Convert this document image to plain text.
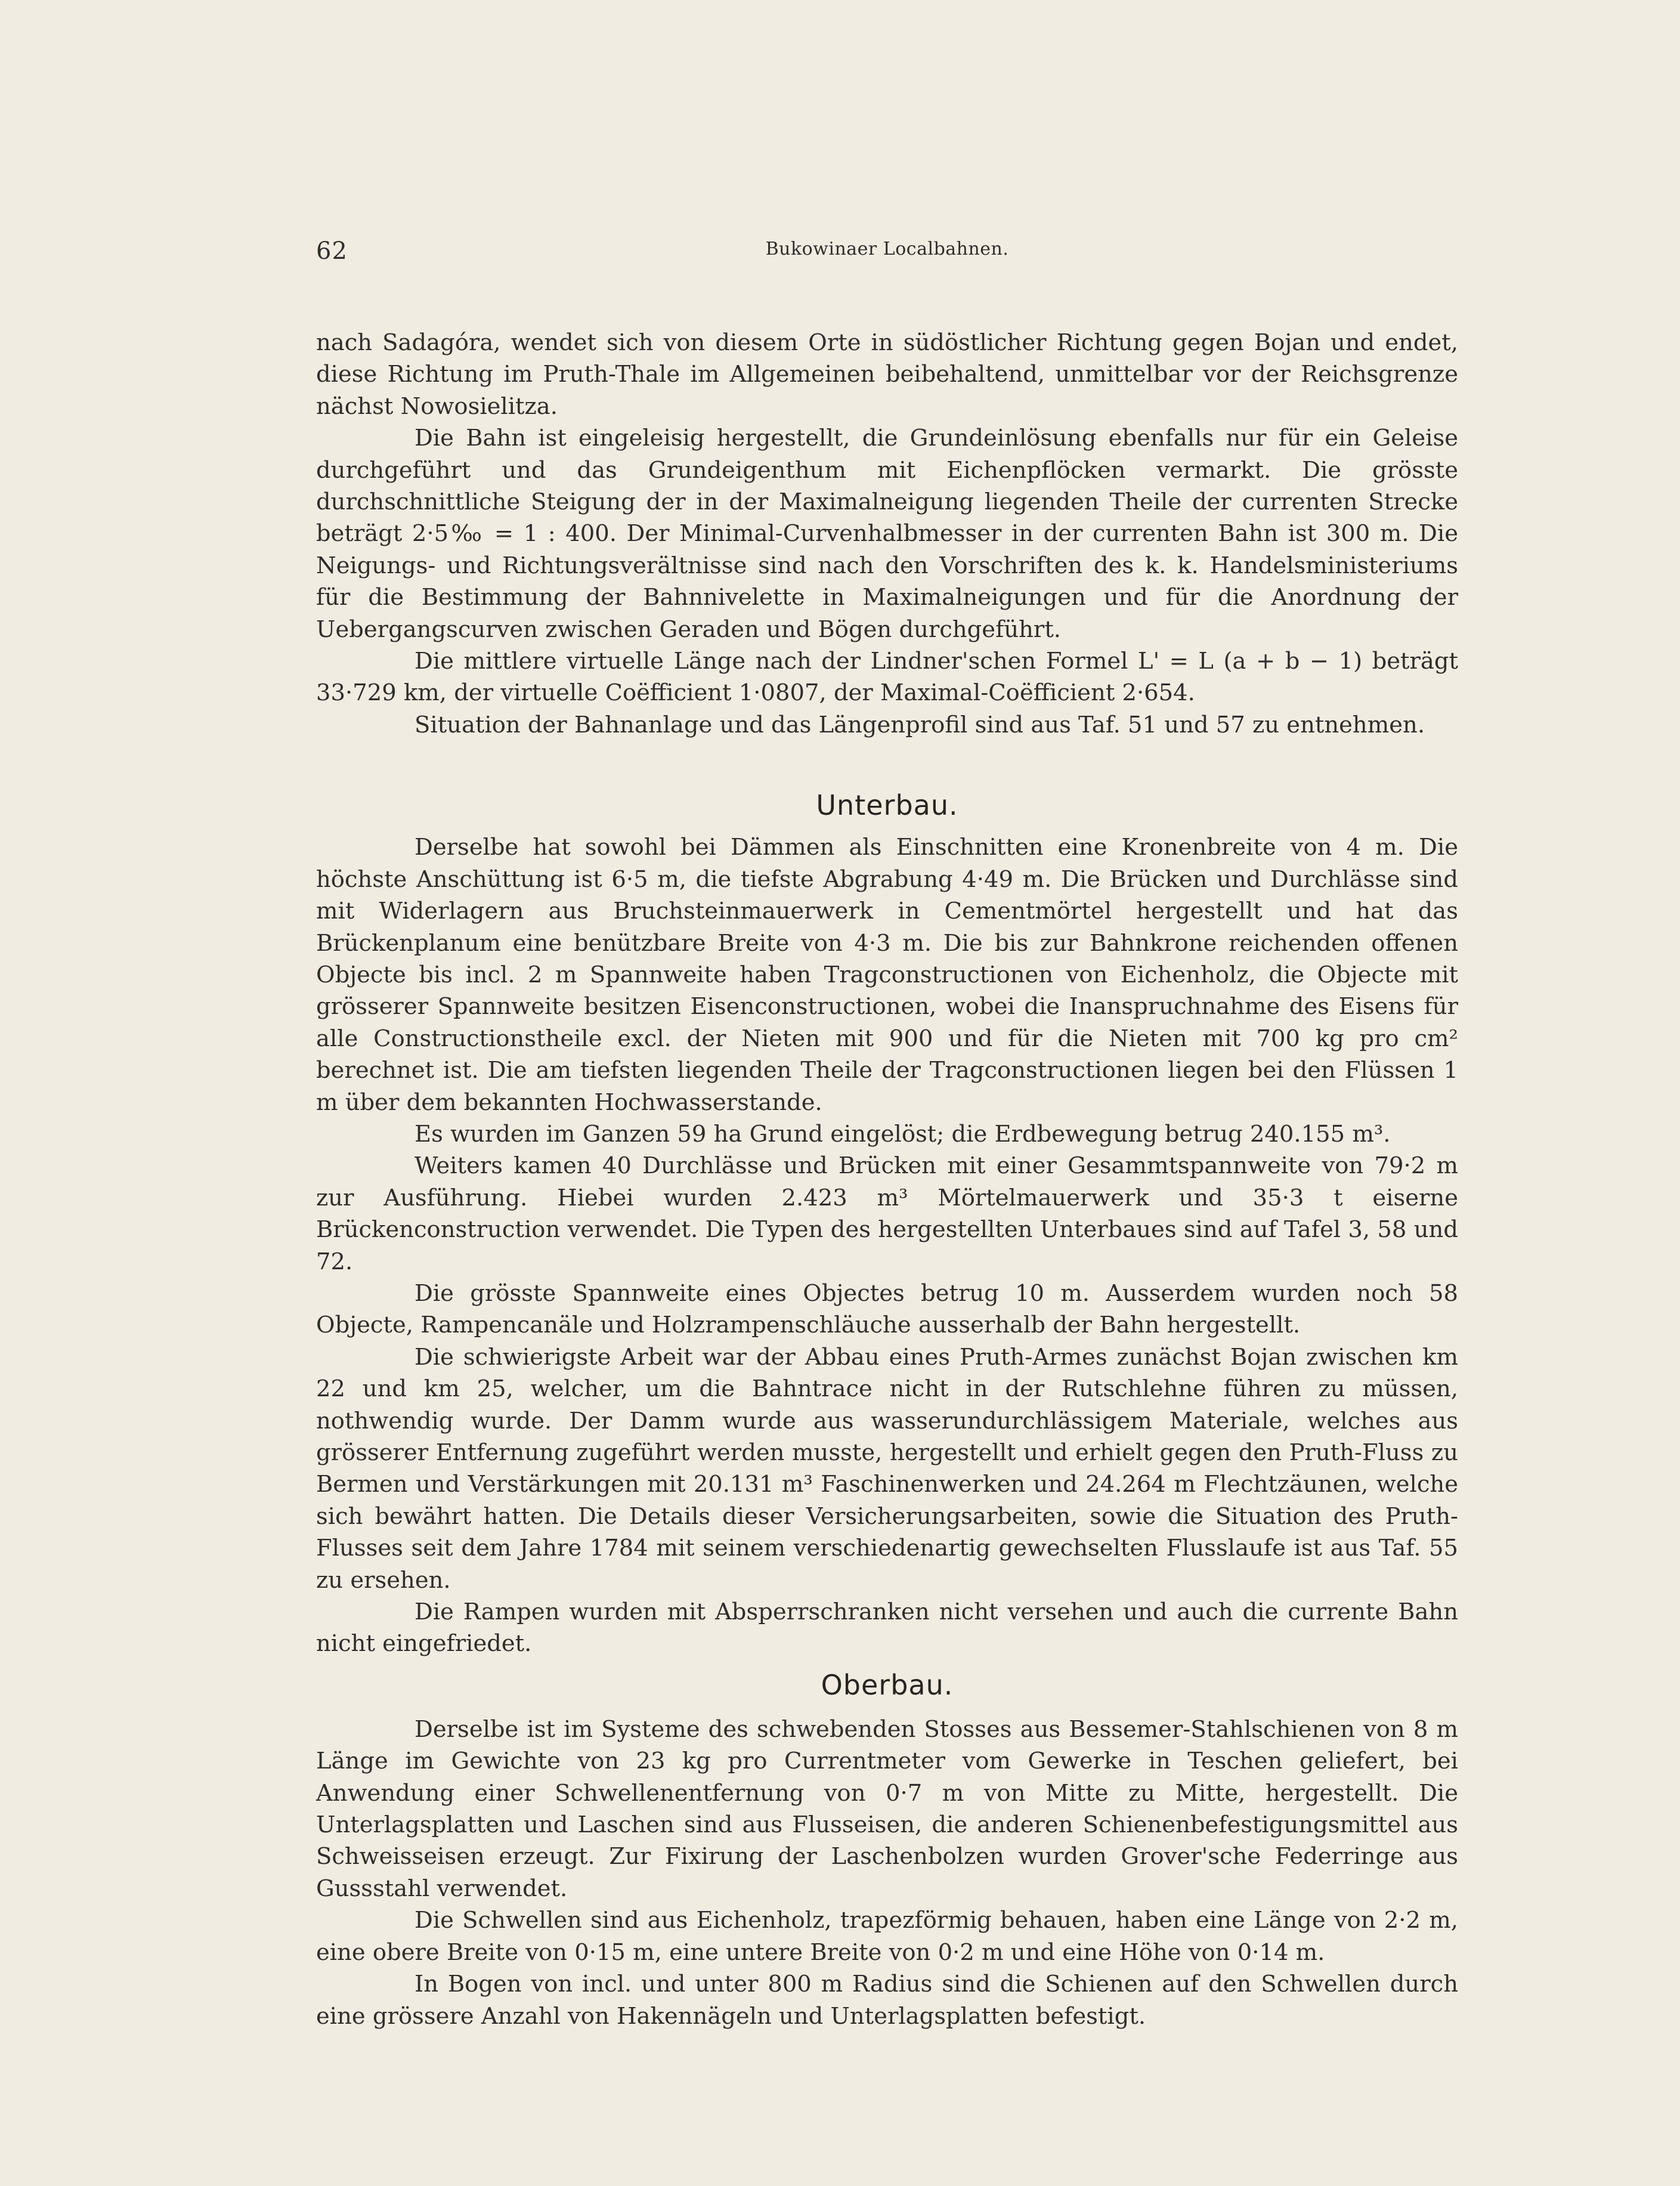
62	Bukowinaer Localbahnen.

nach Sadagóra, wendet sich von diesem Orte in südöstlicher Richtung gegen Bojan und endet, diese Richtung im Pruth-Thale im Allgemeinen beibehaltend, unmittelbar vor der Reichsgrenze nächst Nowosielitza.

Die Bahn ist eingeleisig hergestellt, die Grundeinlösung ebenfalls nur für ein Geleise durchgeführt und das Grundeigenthum mit Eichenpflöcken vermarkt. Die grösste durchschnittliche Steigung der in der Maximalneigung liegenden Theile der currenten Strecke beträgt 2·5‰ = 1 : 400. Der Minimal-Curvenhalbmesser in der currenten Bahn ist 300 m. Die Neigungs- und Richtungsverältnisse sind nach den Vorschriften des k. k. Handelsministeriums für die Bestimmung der Bahnnivelette in Maximalneigungen und für die Anordnung der Uebergangscurven zwischen Geraden und Bögen durchgeführt.

Die mittlere virtuelle Länge nach der Lindner'schen Formel L' = L (a + b − 1) beträgt 33·729 km, der virtuelle Coëfficient 1·0807, der Maximal-Coëfficient 2·654.

Situation der Bahnanlage und das Längenprofil sind aus Taf. 51 und 57 zu entnehmen.

Unterbau.

Derselbe hat sowohl bei Dämmen als Einschnitten eine Kronenbreite von 4 m. Die höchste Anschüttung ist 6·5 m, die tiefste Abgrabung 4·49 m. Die Brücken und Durchlässe sind mit Widerlagern aus Bruchsteinmauerwerk in Cementmörtel hergestellt und hat das Brückenplanum eine benützbare Breite von 4·3 m. Die bis zur Bahnkrone reichenden offenen Objecte bis incl. 2 m Spannweite haben Tragconstructionen von Eichenholz, die Objecte mit grösserer Spannweite besitzen Eisenconstructionen, wobei die Inanspruchnahme des Eisens für alle Constructionstheile excl. der Nieten mit 900 und für die Nieten mit 700 kg pro cm² berechnet ist. Die am tiefsten liegenden Theile der Tragconstructionen liegen bei den Flüssen 1 m über dem bekannten Hochwasserstande.

Es wurden im Ganzen 59 ha Grund eingelöst; die Erdbewegung betrug 240.155 m³.

Weiters kamen 40 Durchlässe und Brücken mit einer Gesammtspannweite von 79·2 m zur Ausführung. Hiebei wurden 2.423 m³ Mörtelmauerwerk und 35·3 t eiserne Brückenconstruction verwendet. Die Typen des hergestellten Unterbaues sind auf Tafel 3, 58 und 72.

Die grösste Spannweite eines Objectes betrug 10 m. Ausserdem wurden noch 58 Objecte, Rampencanäle und Holzrampenschläuche ausserhalb der Bahn hergestellt.

Die schwierigste Arbeit war der Abbau eines Pruth-Armes zunächst Bojan zwischen km 22 und km 25, welcher, um die Bahntrace nicht in der Rutschlehne führen zu müssen, nothwendig wurde. Der Damm wurde aus wasserundurchlässigem Materiale, welches aus grösserer Entfernung zugeführt werden musste, hergestellt und erhielt gegen den Pruth-Fluss zu Bermen und Verstärkungen mit 20.131 m³ Faschinenwerken und 24.264 m Flechtzäunen, welche sich bewährt hatten. Die Details dieser Versicherungsarbeiten, sowie die Situation des Pruth-Flusses seit dem Jahre 1784 mit seinem verschiedenartig gewechselten Flusslaufe ist aus Taf. 55 zu ersehen.

Die Rampen wurden mit Absperrschranken nicht versehen und auch die currente Bahn nicht eingefriedet.

Oberbau.

Derselbe ist im Systeme des schwebenden Stosses aus Bessemer-Stahlschienen von 8 m Länge im Gewichte von 23 kg pro Currentmeter vom Gewerke in Teschen geliefert, bei Anwendung einer Schwellenentfernung von 0·7 m von Mitte zu Mitte, hergestellt. Die Unterlagsplatten und Laschen sind aus Flusseisen, die anderen Schienenbefestigungsmittel aus Schweisseisen erzeugt. Zur Fixirung der Laschenbolzen wurden Grover'sche Federringe aus Gussstahl verwendet.

Die Schwellen sind aus Eichenholz, trapezförmig behauen, haben eine Länge von 2·2 m, eine obere Breite von 0·15 m, eine untere Breite von 0·2 m und eine Höhe von 0·14 m.

In Bogen von incl. und unter 800 m Radius sind die Schienen auf den Schwellen durch eine grössere Anzahl von Hakennägeln und Unterlagsplatten befestigt.
